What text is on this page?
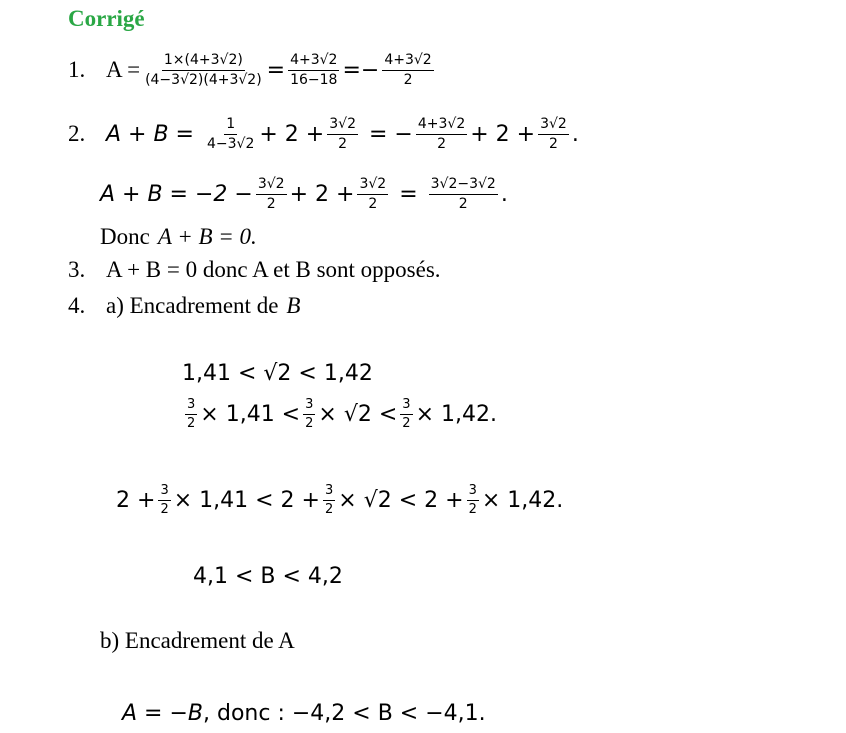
Corrigé
1. $A = \frac{1\times(4+3√2)}{(4-3√2)(4+3√2)} = \frac{4+3√2}{16-18}$ = − $\frac{4+3√2}{2}$
2. $A + B = \frac{1}{4-3√2} + 2 + \frac{3√2}{2}$ = − $\frac{4+3√2}{2} + 2 + \frac{3√2}{2}$ .
$A + B = -2 - \frac{3√2}{2} + 2 + \frac{3√2}{2} = \frac{3√2-3√2}{2}$ .
Donc A + B = 0.
3. A + B = 0 donc A et B sont opposés.
4. a) Encadrement de B
1,41 < √2 < 1,42
$\frac{3}{2} \times 1,41 < \frac{3}{2} \times √2 < \frac{3}{2} \times 1,42$.
$2 + \frac{3}{2} \times 1,41 < 2 + \frac{3}{2} \times √2 < 2 + \frac{3}{2} \times 1,42$.
4,1 < B < 4,2
b) Encadrement de A
A = −B , donc : −4,2 < B < −4,1.
